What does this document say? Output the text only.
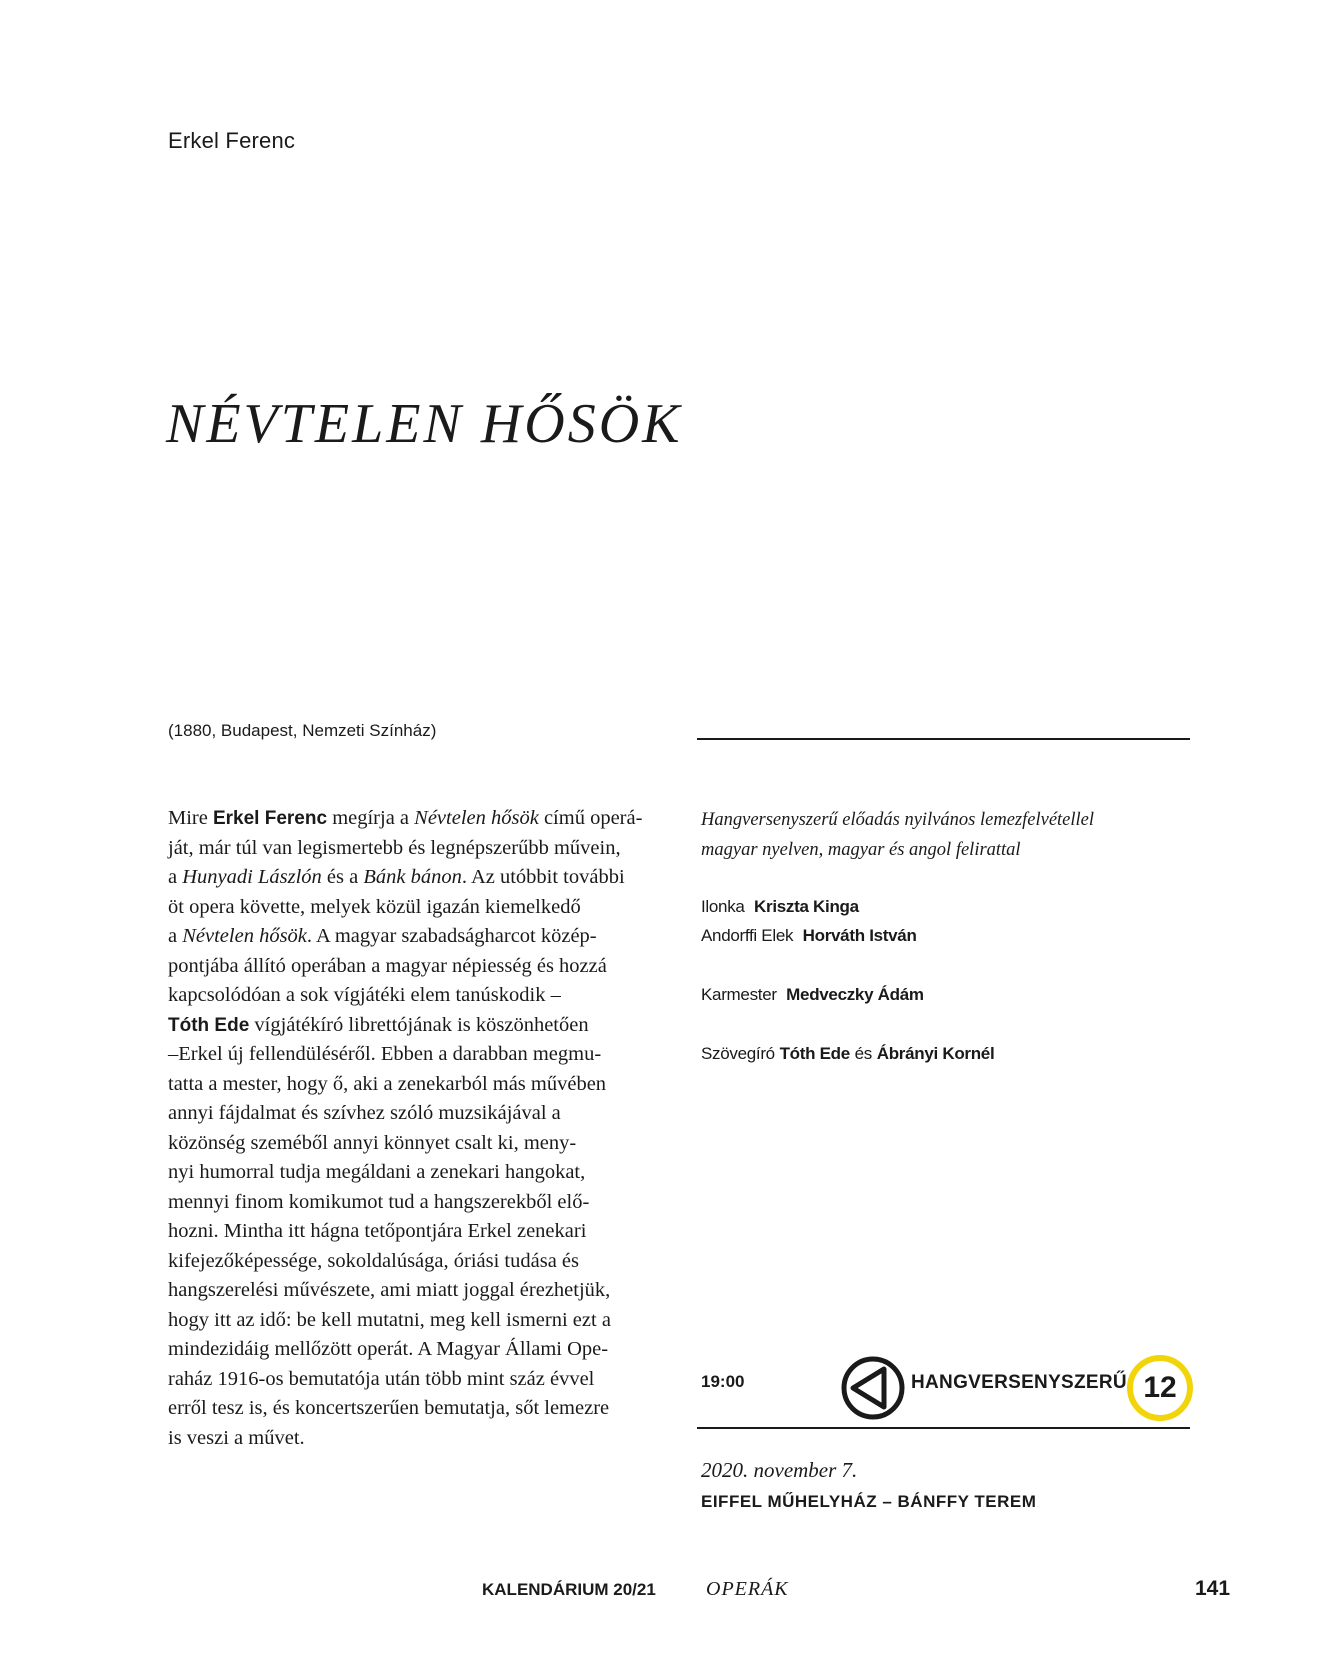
Erkel Ferenc
NÉVTELEN HŐSÖK
(1880, Budapest, Nemzeti Színház)
Mire Erkel Ferenc megírja a Névtelen hősök című operá-
ját, már túl van legismertebb és legnépszerűbb művein,
a Hunyadi Lászlón és a Bánk bánon. Az utóbbit további
öt opera követte, melyek közül igazán kiemelkedő
a Névtelen hősök. A magyar szabadságharcot közép-
pontjába állító operában a magyar népiesség és hozzá
kapcsolódóan a sok vígjátéki elem tanúskodik –
Tóth Ede vígjátékíró librettójának is köszönhetően
–Erkel új fellendüléséről. Ebben a darabban megmu-
tatta a mester, hogy ő, aki a zenekarból más művében
annyi fájdalmat és szívhez szóló muzsikájával a
közönség szeméből annyi könnyet csalt ki, meny-
nyi humorral tudja megáldani a zenekari hangokat,
mennyi finom komikumot tud a hangszerekből elő-
hozni. Mintha itt hágna tetőpontjára Erkel zenekari
kifejezőképessége, sokoldalúsága, óriási tudása és
hangszerelési művészete, ami miatt joggal érezhetjük,
hogy itt az idő: be kell mutatni, meg kell ismerni ezt a
mindezidáig mellőzött operát. A Magyar Állami Ope-
raház 1916-os bemutatója után több mint száz évvel
erről tesz is, és koncertszerűen bemutatja, sőt lemezre
is veszi a művet.
Hangversenyszerű előadás nyilvános lemezfelvétellel
magyar nyelven, magyar és angol felirattal
Ilonka Kriszta Kinga
Andorffi Elek Horváth István
Karmester Medveczky Ádám
Szövegíró Tóth Ede és Ábrányi Kornél
19:00	HANGVERSENYSZERŰ 12
2020. november 7.
EIFFEL MŰHELYHÁZ – BÁNFFY TEREM
KALENDÁRIUM 20/21	OPERÁK	141
